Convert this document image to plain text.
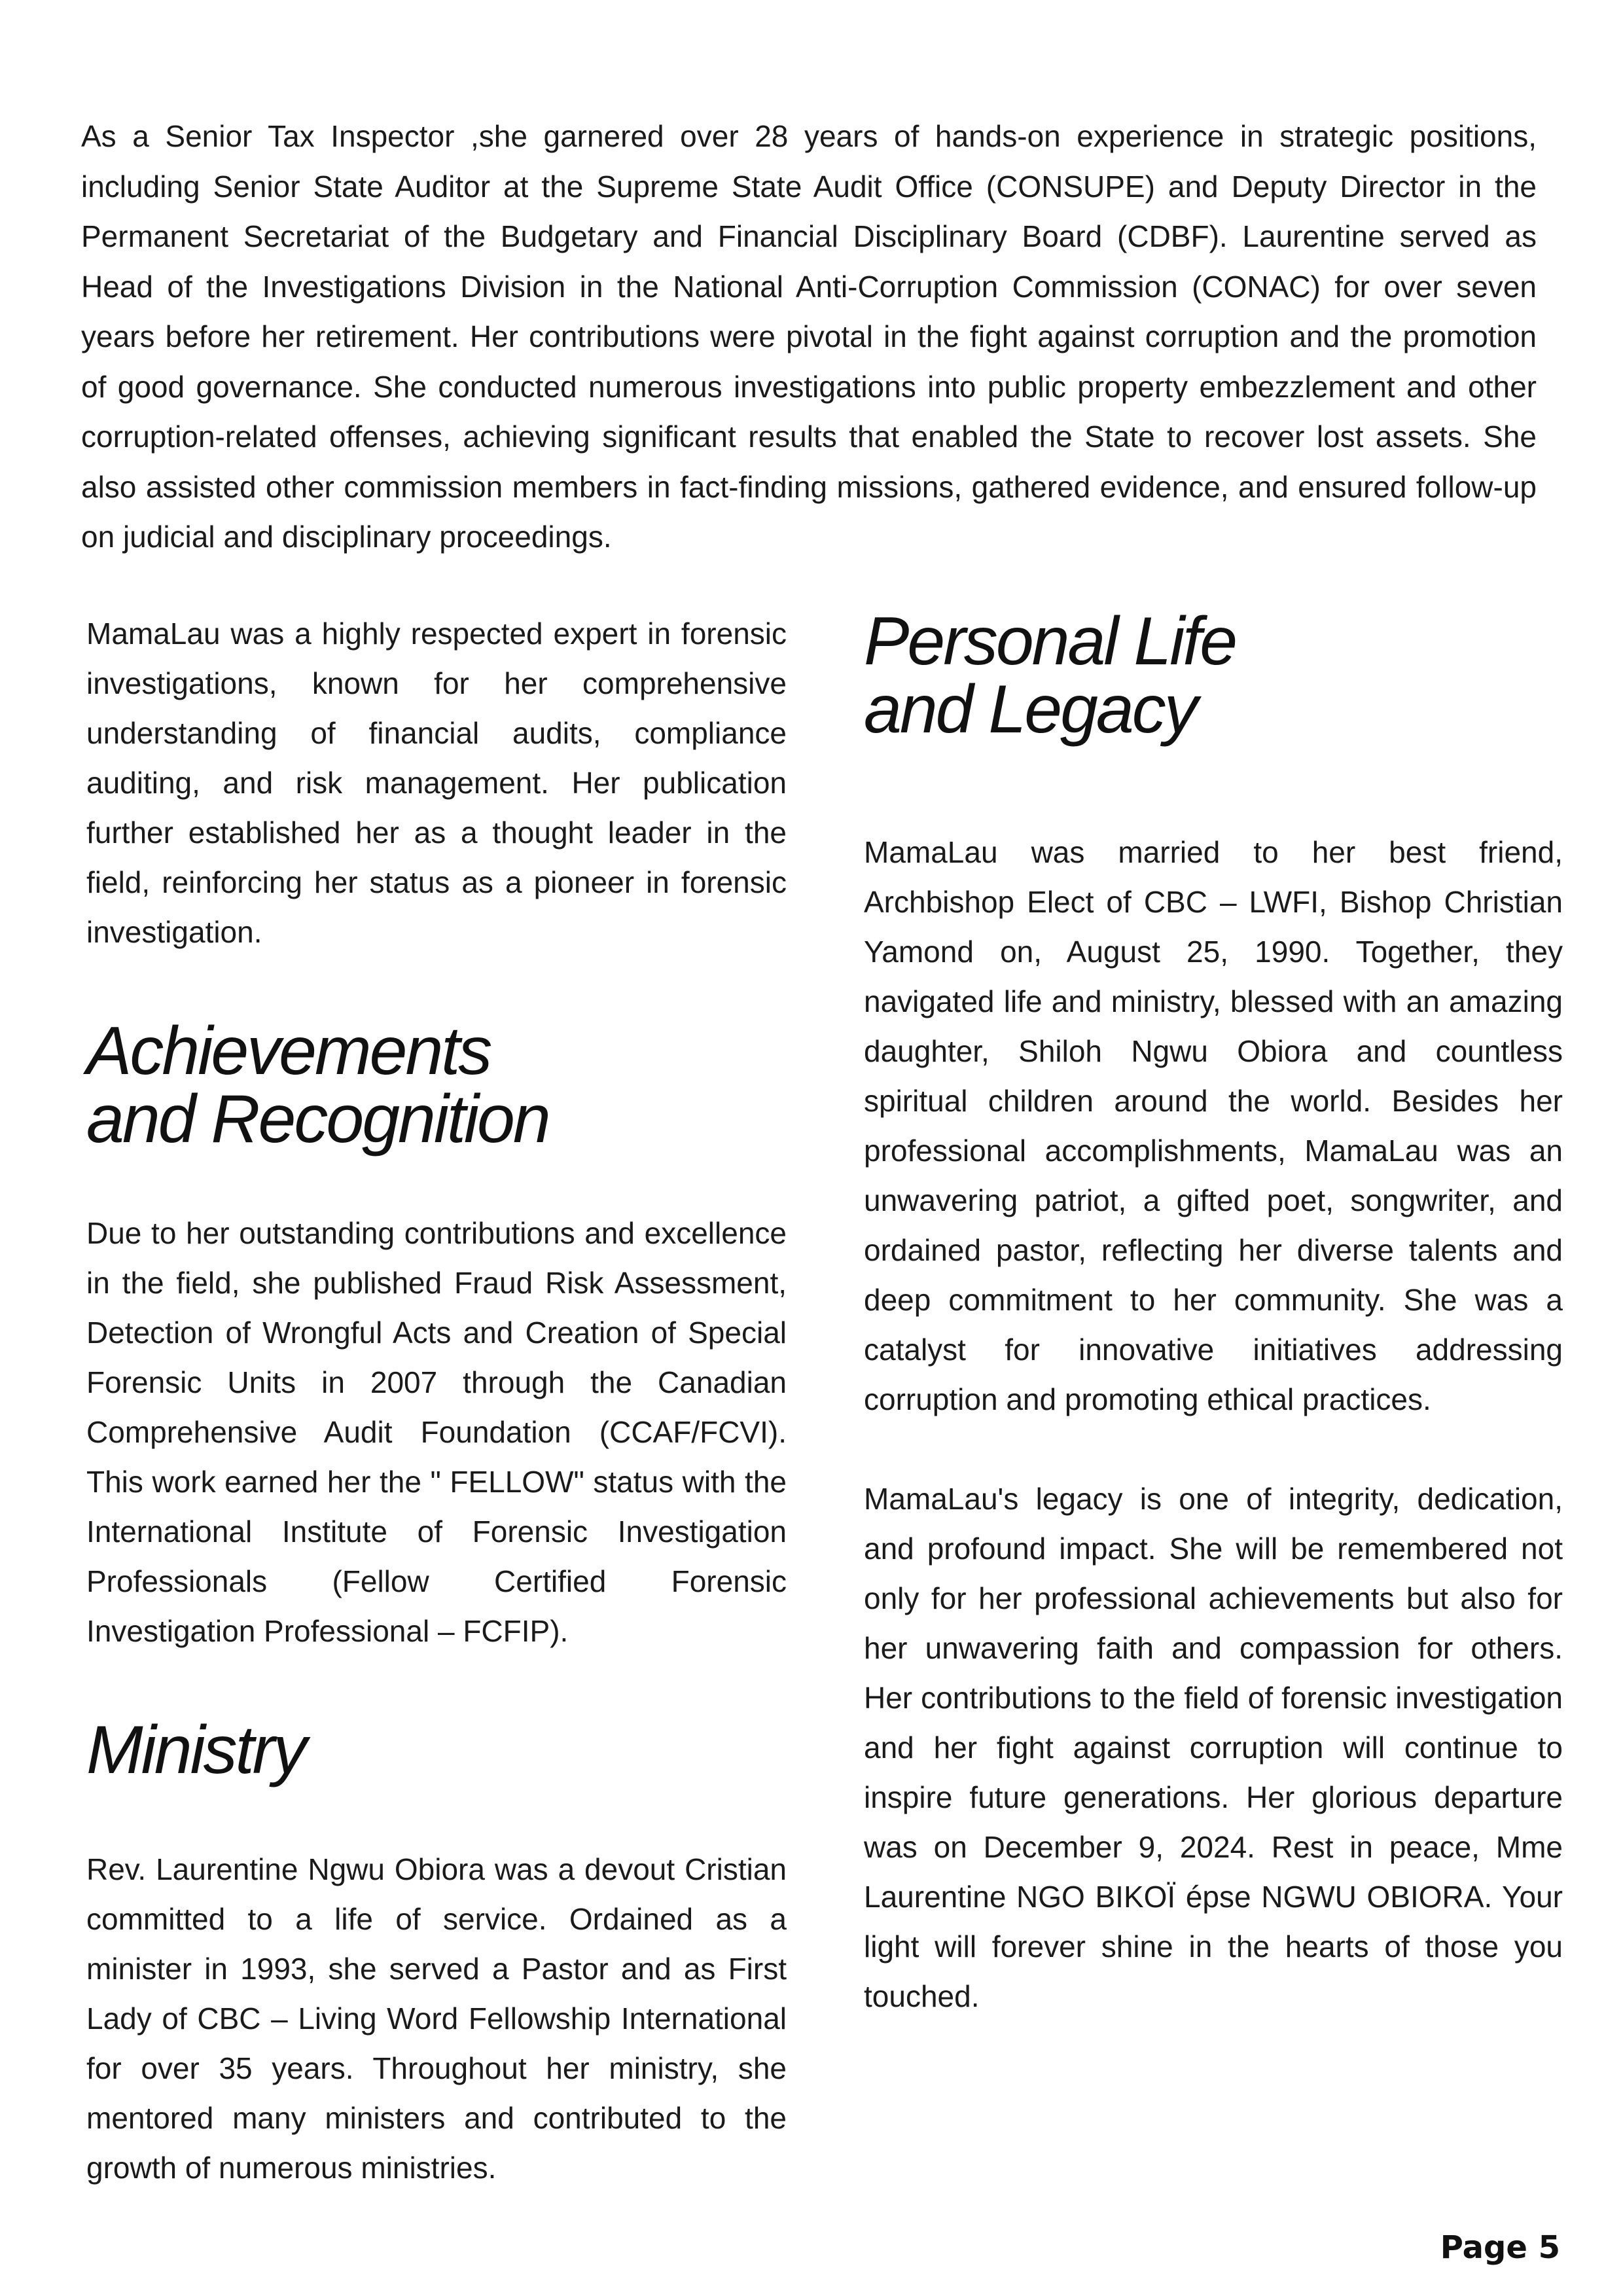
As a Senior Tax Inspector ,she garnered over 28 years of hands-on experience in strategic positions, including Senior State Auditor at the Supreme State Audit Office (CONSUPE) and Deputy Director in the Permanent Secretariat of the Budgetary and Financial Disciplinary Board (CDBF). Laurentine served as Head of the Investigations Division in the National Anti-Corruption Commission (CONAC) for over seven years before her retirement. Her contributions were pivotal in the fight against corruption and the promotion of good governance. She conducted numerous investigations into public property embezzlement and other corruption-related offenses, achieving significant results that enabled the State to recover lost assets. She also assisted other commission members in fact-finding missions, gathered evidence, and ensured follow-up on judicial and disciplinary proceedings.

MamaLau was a highly respected expert in forensic investigations, known for her comprehensive understanding of financial audits, compliance auditing, and risk management. Her publication further established her as a thought leader in the field, reinforcing her status as a pioneer in forensic investigation.

Achievements
and Recognition

Due to her outstanding contributions and excellence in the field, she published Fraud Risk Assessment, Detection of Wrongful Acts and Creation of Special Forensic Units in 2007 through the Canadian Comprehensive Audit Foundation (CCAF/FCVI). This work earned her the " FELLOW" status with the International Institute of Forensic Investigation Professionals (Fellow Certified Forensic Investigation Professional – FCFIP).

Ministry

Rev. Laurentine Ngwu Obiora was a devout Cristian committed to a life of service. Ordained as a minister in 1993, she served a Pastor and as First Lady of CBC – Living Word Fellowship International for over 35 years. Throughout her ministry, she mentored many ministers and contributed to the growth of numerous ministries.

Personal Life
and Legacy

MamaLau was married to her best friend, Archbishop Elect of CBC – LWFI, Bishop Christian Yamond on, August 25, 1990. Together, they navigated life and ministry, blessed with an amazing daughter, Shiloh Ngwu Obiora and countless spiritual children around the world. Besides her professional accomplishments, MamaLau was an unwavering patriot, a gifted poet, songwriter, and ordained pastor, reflecting her diverse talents and deep commitment to her community. She was a catalyst for innovative initiatives addressing corruption and promoting ethical practices.

MamaLau's legacy is one of integrity, dedication, and profound impact. She will be remembered not only for her professional achievements but also for her unwavering faith and compassion for others. Her contributions to the field of forensic investigation and her fight against corruption will continue to inspire future generations. Her glorious departure was on December 9, 2024. Rest in peace, Mme Laurentine NGO BIKOÏ épse NGWU OBIORA. Your light will forever shine in the hearts of those you touched.

Page 5
